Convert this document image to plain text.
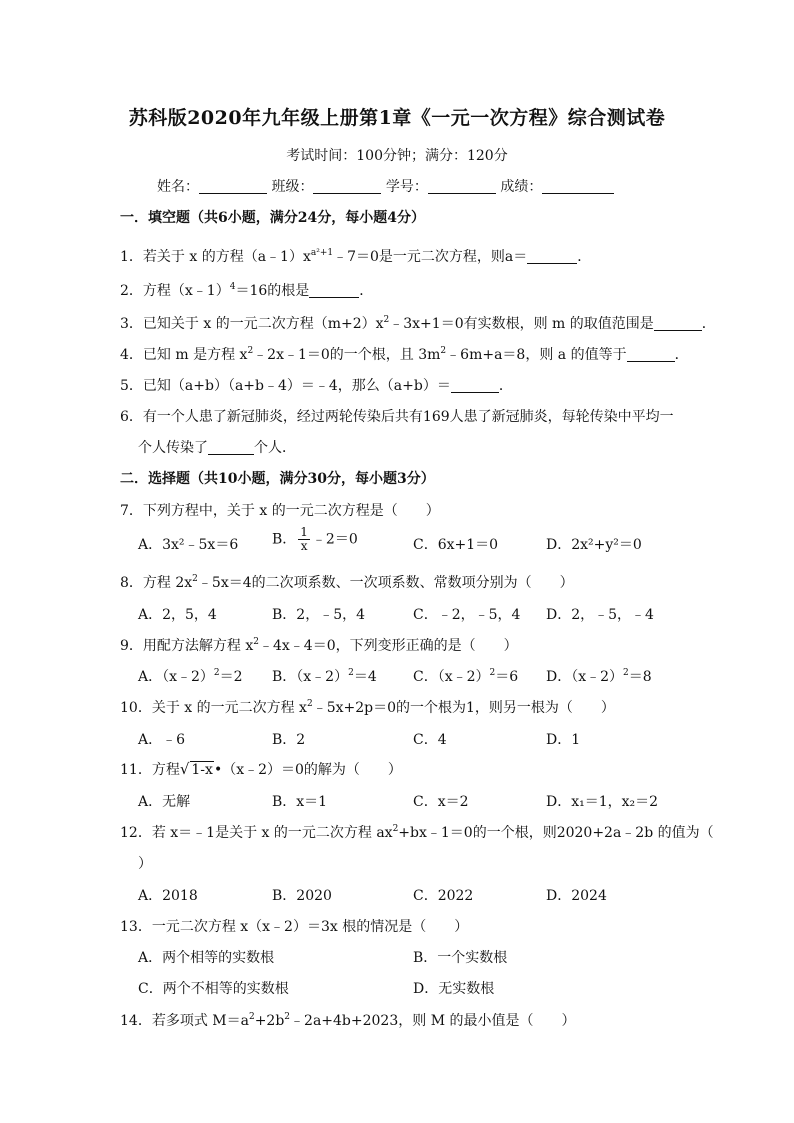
苏科版2020年九年级上册第1章《一元一次方程》综合测试卷
考试时间：100分钟；满分：120分
姓名：	班级：	学号：	成绩：
一．填空题（共6小题，满分24分，每小题4分）
1．若关于 x 的方程$(a﹣1)x^{a^2+1}﹣7=0$是一元二次方程，则a＝	．
2．方程（x﹣1）$^4$＝16的根是	．
3．已知关于 x 的一元二次方程$(m+2)x^2﹣3x+1=0$有实数根，则 m 的取值范围是	．
4．已知 m 是方程 $x^2﹣2x﹣1=0$的一个根，且 $3m^2﹣6m+a=8$，则 a 的值等于	．
5．已知（a+b）（a+b﹣4）＝﹣4，那么（a+b）＝	．
6．有一个人患了新冠肺炎，经过两轮传染后共有169人患了新冠肺炎，每轮传染中平均一
个人传染了	个人．
二．选择题（共10小题，满分30分，每小题3分）
7．下列方程中，关于 x 的一元二次方程是（　　）
A．3x²﹣5x＝6 B． $\frac{1}{x}$ ﹣2＝0	C．6x+1＝0	D．2x²+y²＝0
8．方程 $2x^2﹣5x=4$的二次项系数、一次项系数、常数项分别为（　　）
A．2，5，4	B．2，﹣5，4	C．﹣2，﹣5，4 D．2，﹣5，﹣4
9．用配方法解方程 $x^2﹣4x﹣4=0$，下列变形正确的是（　　）
A．（x﹣2）$^2$＝2 B．（x﹣2）$^2$＝4	C．（x﹣2）$^2$＝6 D．（x﹣2）$^2$＝8
10．关于 x 的一元二次方程 $x^2﹣5x+2p=0$的一个根为1，则另一根为（　　）
A．﹣6	B．2	C．4	D．1
11．方程√ 1-x•（x﹣2）＝0的解为（　　）
A．无解	B．x＝1	C．x＝2	D．x₁＝1，x₂＝2
12．若 x＝﹣1是关于 x 的一元二次方程 $ax^2+bx﹣1=0$的一个根，则2020+2a﹣2b 的值为（
）
A．2018	B．2020	C．2022	D．2024
13．一元二次方程 x（x﹣2）＝3x 根的情况是（　　）
A．两个相等的实数根	B．一个实数根
C．两个不相等的实数根	D．无实数根
14．若多项式 $M=a^2+2b^2﹣2a+4b+2023$，则 M 的最小值是（　　）
